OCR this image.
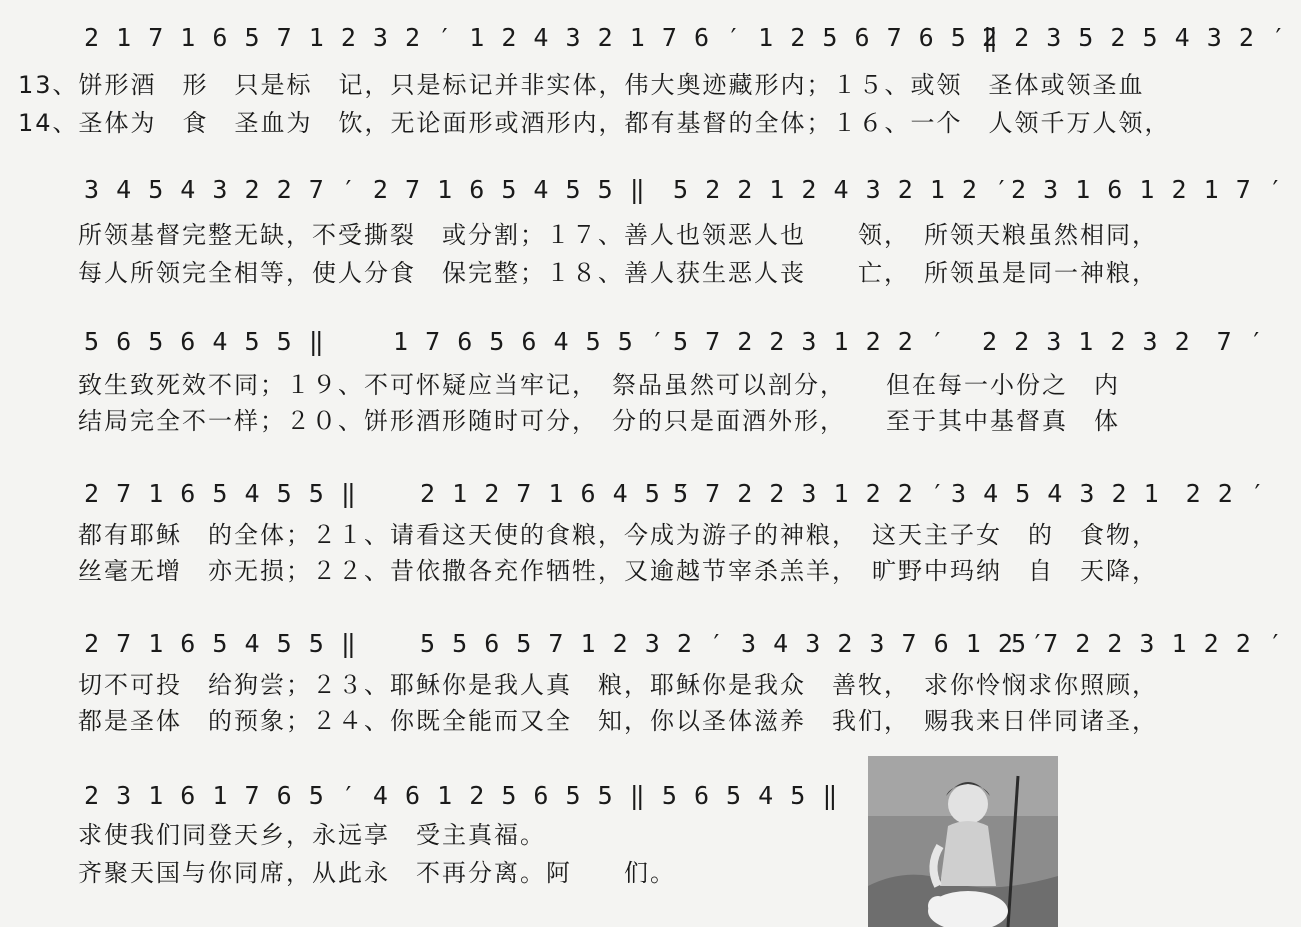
2 1 7 1 6 5 7 1 2 3 2 ′ 1 2 4 3 2 1 7 6 ′ 1 2 5 6 7 6 5 ‖
2 2 3 5 2 5 4 3 2 ′
13、饼形酒　形　只是标　记，只是标记并非实体，伟大奥迹藏形内；１５、或领　圣体或领圣血
14、圣体为　食　圣血为　饮，无论面形或酒形内，都有基督的全体；１６、一个　人领千万人领，
3 4 5 4 3 2 2 7 ′ 2 7 1 6 5 4 5 5 ‖ 5 2 2 1 2 4 3 2 1 2 ′ 2 3 1 6 1 2 1 7 ′
所领基督完整无缺，不受撕裂　或分割；１７、善人也领恶人也　　领，　所领天粮虽然相同，
每人所领完全相等，使人分食　保完整；１８、善人获生恶人丧　　亡，　所领虽是同一神粮，
5 6 5 6 4 5 5 ‖	1 7 6 5 6 4 5 5 ′ 5 7 2 2 3 1 2 2 ′ 2 2 3 1 2 3 2　7 ′
致生致死效不同；１９、不可怀疑应当牢记，　祭品虽然可以剖分，　　但在每一小份之　内
结局完全不一样；２０、饼形酒形随时可分，　分的只是面酒外形，　　至于其中基督真　体
2 7 1 6 5 4 5 5 ‖	2 1 2 7 1 6 4 5 ′
5 7 2 2 3 1 2 2 ′ 3 4 5 4 3 2 1　2 2 ′
都有耶稣　的全体；２１、请看这天使的食粮，今成为游子的神粮，　这天主子女　的　食物，
丝毫无增　亦无损；２２、昔依撒各充作牺牲，又逾越节宰杀羔羊，　旷野中玛纳　自　天降，
2 7 1 6 5 4 5 5 ‖	5 5 6 5 7 1 2 3 2 ′ 3 4 3 2 3 7 6 1 2 ′
5 7 2 2 3 1 2 2 ′
切不可投　给狗尝；２３、耶稣你是我人真　粮，耶稣你是我众　善牧，　求你怜悯求你照顾，
都是圣体　的预象；２４、你既全能而又全　知，你以圣体滋养　我们，　赐我来日伴同诸圣，
2 3 1 6 1 7 6 5 ′ 4 6 1 2 5 6 5 5 ‖ 5 6 5 4 5 ‖
求使我们同登天乡，永远享　受主真福。
齐聚天国与你同席，从此永　不再分离。阿　　们。
